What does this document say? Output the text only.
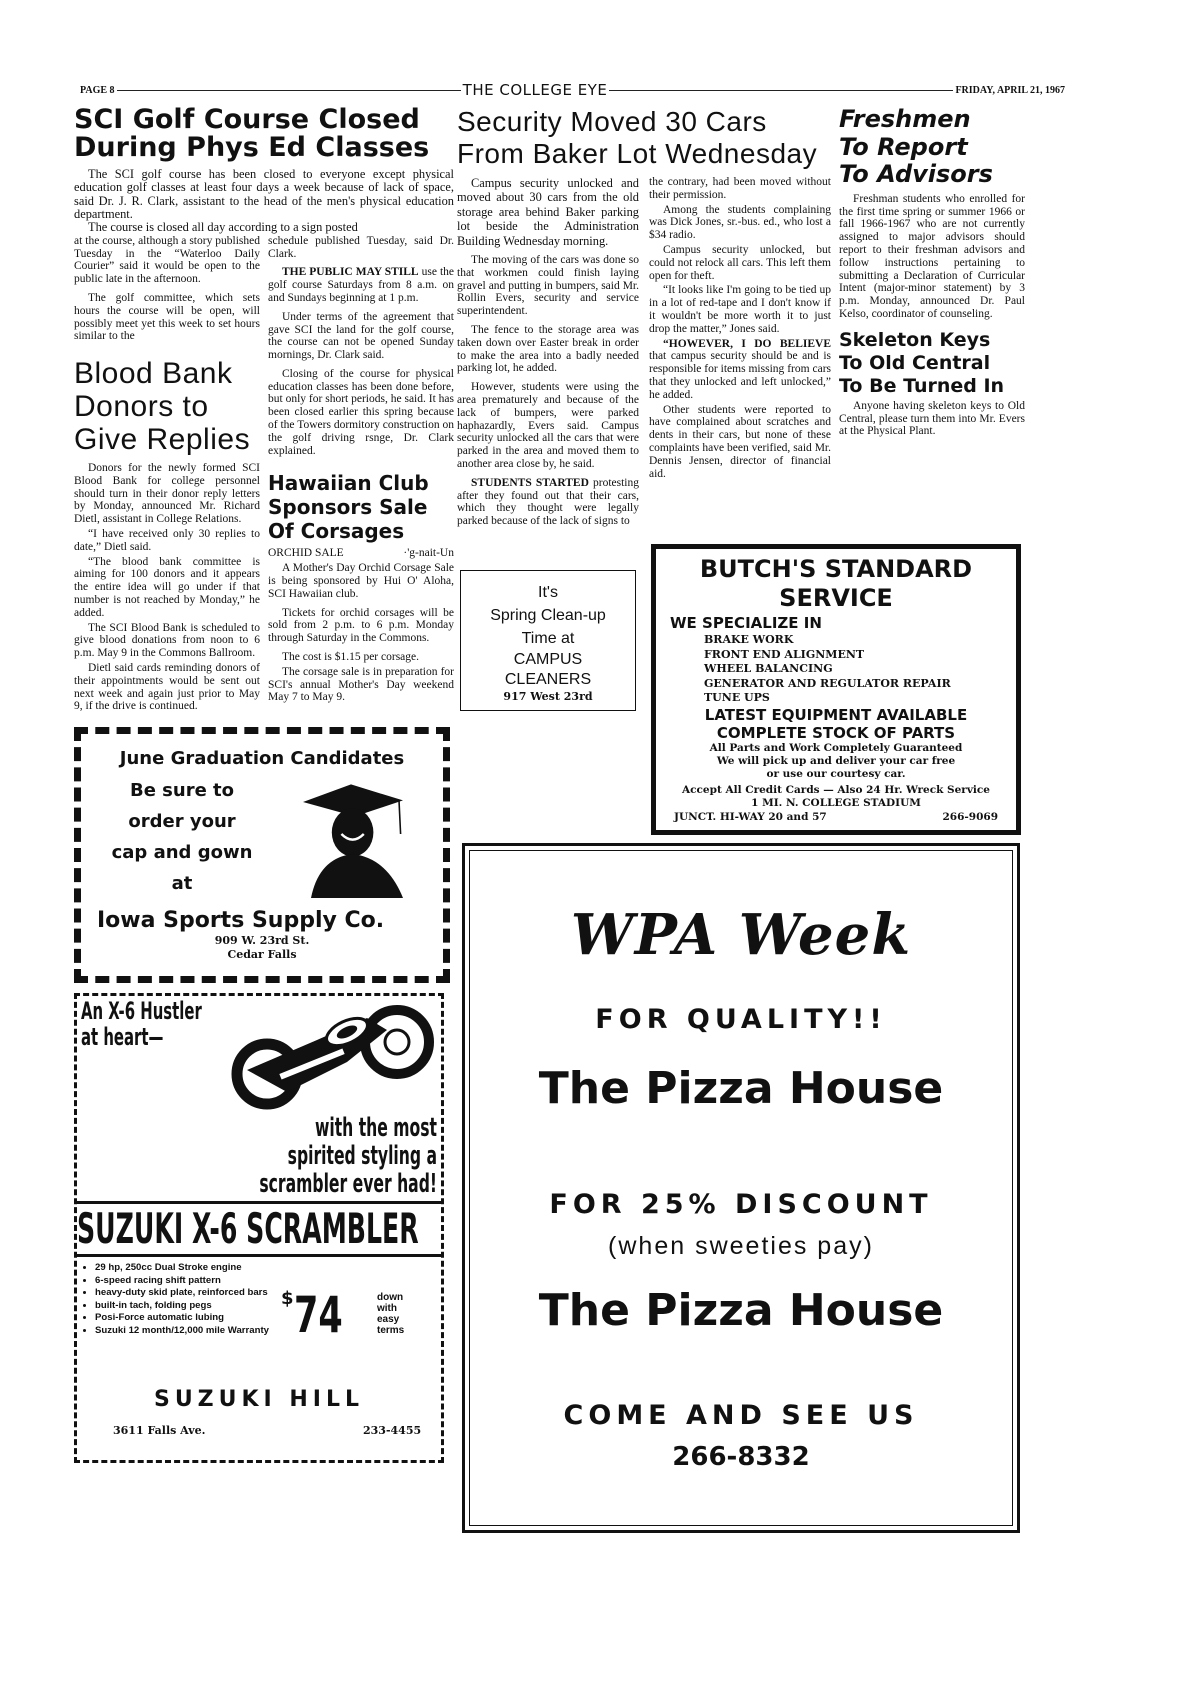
PAGE 8	THE COLLEGE EYE	FRIDAY, APRIL 21, 1967
SCI Golf Course Closed
During Phys Ed Classes

The SCI golf course has been closed to everyone except physical education golf classes at least four days a week because of lack of space, said Dr. J. R. Clark, assistant to the head of the men's physical education department.

The course is closed all day according to a sign posted

at the course, although a story published Tuesday in the “Waterloo Daily Courier” said it would be open to the public late in the afternoon.

The golf committee, which sets hours the course will be open, will possibly meet yet this week to set hours similar to the

Blood Bank
Donors to
Give Replies

Donors for the newly formed SCI Blood Bank for college personnel should turn in their donor reply letters by Monday, announced Mr. Richard Dietl, assistant in College Relations.

“I have received only 30 replies to date,” Dietl said.

“The blood bank committee is aiming for 100 donors and it appears the entire idea will go under if that number is not reached by Monday,” he added.

The SCI Blood Bank is scheduled to give blood donations from noon to 6 p.m. May 9 in the Commons Ballroom.

Dietl said cards reminding donors of their appointments would be sent out next week and again just prior to May 9, if the drive is continued.

schedule published Tuesday, said Dr. Clark.

THE PUBLIC MAY STILL use the golf course Saturdays from 8 a.m. on and Sundays beginning at 1 p.m.

Under terms of the agreement that gave SCI the land for the golf course, the course can not be opened Sunday mornings, Dr. Clark said.

Closing of the course for physical education classes has been done before, but only for short periods, he said. It has been closed earlier this spring because of the Towers dormitory construction on the golf driving rsnge, Dr. Clark explained.

Hawaiian Club
Sponsors Sale
Of Corsages

ORCHID SALE	·'g-nait-Un

A Mother's Day Orchid Corsage Sale is being sponsored by Hui O' Aloha, SCI Hawaiian club.

Tickets for orchid corsages will be sold from 2 p.m. to 6 p.m. Monday through Saturday in the Commons.

The cost is $1.15 per corsage.

The corsage sale is in preparation for SCI's annual Mother's Day weekend May 7 to May 9.

June Graduation Candidates
Be sure to
order your
cap and gown
at
Iowa Sports Supply Co.
909 W. 23rd St.
Cedar Falls
An X-6 Hustler
at heart—
with the most
spirited styling a
scrambler ever had!
SUZUKI X-6 SCRAMBLER
• 29 hp, 250cc Dual Stroke engine
• 6-speed racing shift pattern
• heavy-duty skid plate, reinforced bars
• built-in tach, folding pegs
• Posi-Force automatic lubing
• Suzuki 12 month/12,000 mile Warranty
$74	down
with
easy
terms
SUZUKI HILL
3611 Falls Ave.	233-4455
Security Moved 30 Cars
From Baker Lot Wednesday

Campus security unlocked and moved about 30 cars from the old storage area behind Baker parking lot beside the Administration Building Wednesday morning.

The moving of the cars was done so that workmen could finish laying gravel and putting in bumpers, said Mr. Rollin Evers, security and service superintendent.

The fence to the storage area was taken down over Easter break in order to make the area into a badly needed parking lot, he added.

However, students were using the area prematurely and because of the lack of bumpers, were parked haphazardly, Evers said. Campus security unlocked all the cars that were parked in the area and moved them to another area close by, he said.

STUDENTS STARTED protesting after they found out that their cars, which they thought were legally parked because of the lack of signs to

the contrary, had been moved without their permission.

Among the students complaining was Dick Jones, sr.-bus. ed., who lost a $34 radio.

Campus security unlocked, but could not relock all cars. This left them open for theft.

“It looks like I'm going to be tied up in a lot of red-tape and I don't know if it wouldn't be more worth it to just drop the matter,” Jones said.

“HOWEVER, I DO BELIEVE that campus security should be and is responsible for items missing from cars that they unlocked and left unlocked,” he added.

Other students were reported to have complained about scratches and dents in their cars, but none of these complaints have been verified, said Mr. Dennis Jensen, director of financial aid.

Freshmen
To Report
To Advisors

Freshman students who enrolled for the first time spring or summer 1966 or fall 1966-1967 who are not currently assigned to major advisors should report to their freshman advisors and follow instructions pertaining to submitting a Declaration of Curricular Intent (major-minor statement) by 3 p.m. Monday, announced Dr. Paul Kelso, coordinator of counseling.

Skeleton Keys
To Old Central
To Be Turned In

Anyone having skeleton keys to Old Central, please turn them into Mr. Evers at the Physical Plant.

It's
Spring Clean-up
Time at
CAMPUS
CLEANERS
917 West 23rd
BUTCH'S STANDARD
SERVICE
WE SPECIALIZE IN
BRAKE WORK
FRONT END ALIGNMENT
WHEEL BALANCING
GENERATOR AND REGULATOR REPAIR
TUNE UPS
LATEST EQUIPMENT AVAILABLE
COMPLETE STOCK OF PARTS
All Parts and Work Completely Guaranteed
We will pick up and deliver your car free
or use our courtesy car.
Accept All Credit Cards — Also 24 Hr. Wreck Service
1 MI. N. COLLEGE STADIUM
JUNCT. HI-WAY 20 and 57	266-9069
WPA Week
FOR QUALITY!!
The Pizza House
FOR 25% DISCOUNT
(when sweeties pay)
The Pizza House
COME AND SEE US
266-8332
